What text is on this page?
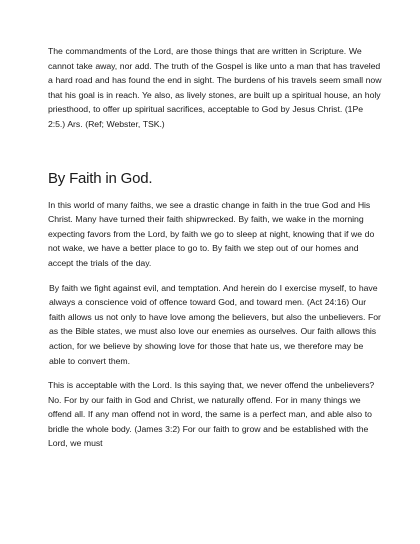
The commandments of the Lord, are those things that are written in Scripture. We cannot take away, nor add. The truth of the Gospel is like unto a man that has traveled a hard road and has found the end in sight. The burdens of his travels seem small now that his goal is in reach. Ye also, as lively stones, are built up a spiritual house, an holy priesthood, to offer up spiritual sacrifices, acceptable to God by Jesus Christ. (1Pe 2:5.) Ars. (Ref; Webster, TSK.)

By Faith in God.

In this world of many faiths, we see a drastic change in faith in the true God and His Christ. Many have turned their faith shipwrecked. By faith, we wake in the morning expecting favors from the Lord, by faith we go to sleep at night, knowing that if we do not wake, we have a better place to go to. By faith we step out of our homes and accept the trials of the day.

By faith we fight against evil, and temptation. And herein do I exercise myself, to have always a conscience void of offence toward God, and toward men. (Act 24:16) Our faith allows us not only to have love among the believers, but also the unbelievers. For as the Bible states, we must also love our enemies as ourselves. Our faith allows this action, for we believe by showing love for those that hate us, we therefore may be able to convert them.

This is acceptable with the Lord. Is this saying that, we never offend the unbelievers? No. For by our faith in God and Christ, we naturally offend. For in many things we offend all. If any man offend not in word, the same is a perfect man, and able also to bridle the whole body. (James 3:2) For our faith to grow and be established with the Lord, we must
